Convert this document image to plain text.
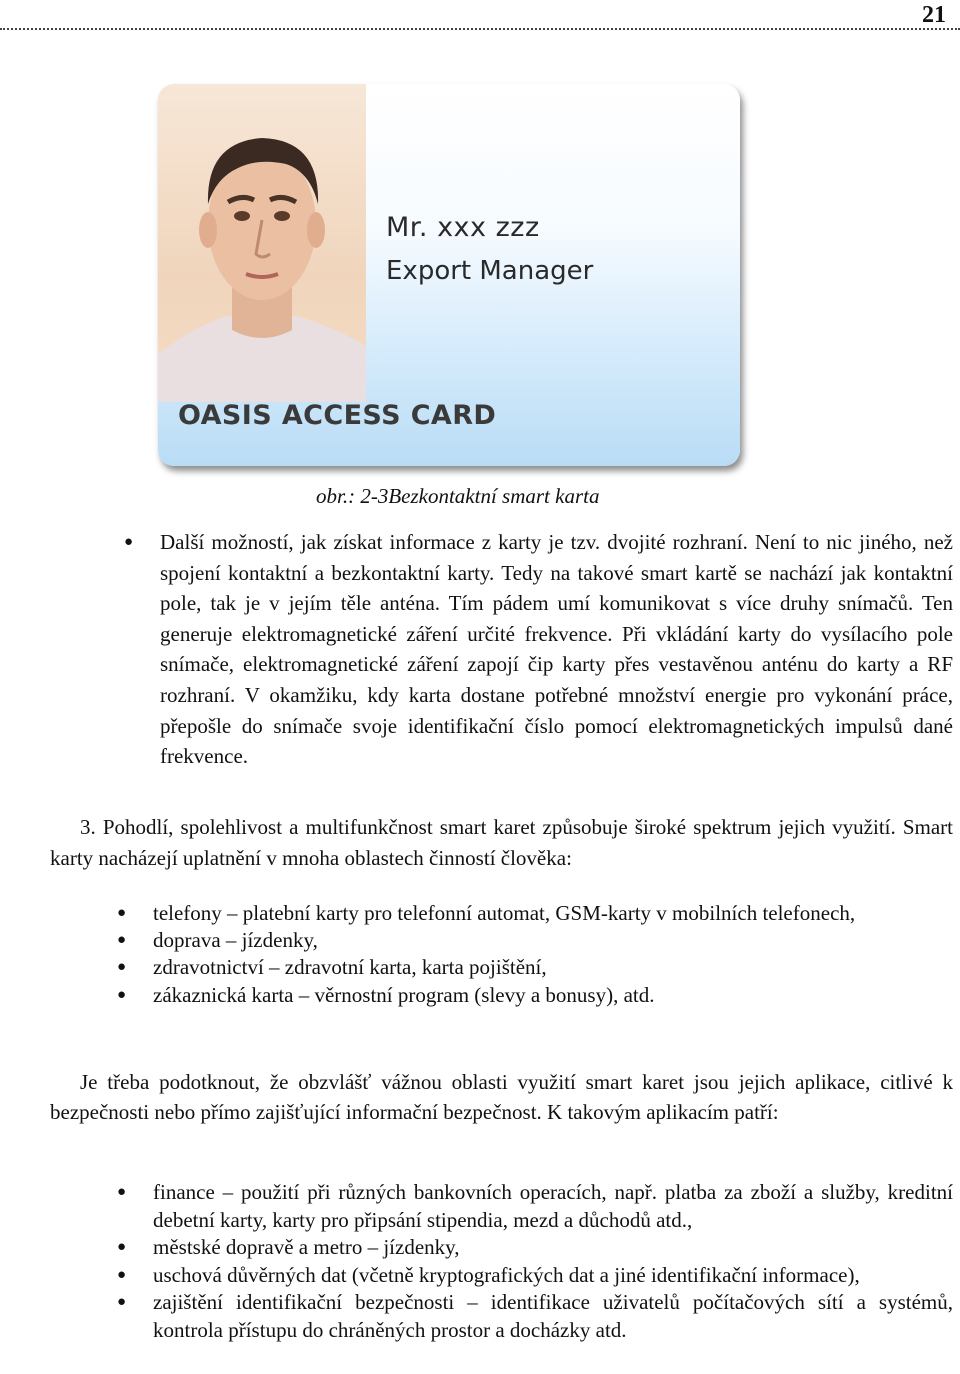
21
Mr. xxx zzz
Export Manager
OASIS ACCESS CARD
obr.: 2-3Bezkontaktní smart karta
● Další možností, jak získat informace z karty je tzv. dvojité rozhraní. Není to nic jiného, než spojení kontaktní a bezkontaktní karty. Tedy na takové smart kartě se nachází jak kontaktní pole, tak je v jejím těle anténa. Tím pádem umí komunikovat s více druhy snímačů. Ten generuje elektromagnetické záření určité frekvence. Při vkládání karty do vysílacího pole snímače, elektromagnetické záření zapojí čip karty přes vestavěnou anténu do karty a RF rozhraní. V okamžiku, kdy karta dostane potřebné množství energie pro vykonání práce, přepošle do snímače svoje identifikační číslo pomocí elektromagnetických impulsů dané frekvence.
3. Pohodlí, spolehlivost a multifunkčnost smart karet způsobuje široké spektrum jejich využití. Smart karty nacházejí uplatnění v mnoha oblastech činností člověka:
● telefony – platební karty pro telefonní automat, GSM-karty v mobilních telefonech,
● doprava – jízdenky,
● zdravotnictví – zdravotní karta, karta pojištění,
● zákaznická karta – věrnostní program (slevy a bonusy), atd.
Je třeba podotknout, že obzvlášť vážnou oblasti využití smart karet jsou jejich aplikace, citlivé k bezpečnosti nebo přímo zajišťující informační bezpečnost. K takovým aplikacím patří:
● finance – použití při různých bankovních operacích, např. platba za zboží a služby, kreditní debetní karty, karty pro připsání stipendia, mezd a důchodů atd.,
● městské dopravě a metro – jízdenky,
● uschová důvěrných dat (včetně kryptografických dat a jiné identifikační informace),
● zajištění identifikační bezpečnosti – identifikace uživatelů počítačových sítí a systémů, kontrola přístupu do chráněných prostor a docházky atd.
